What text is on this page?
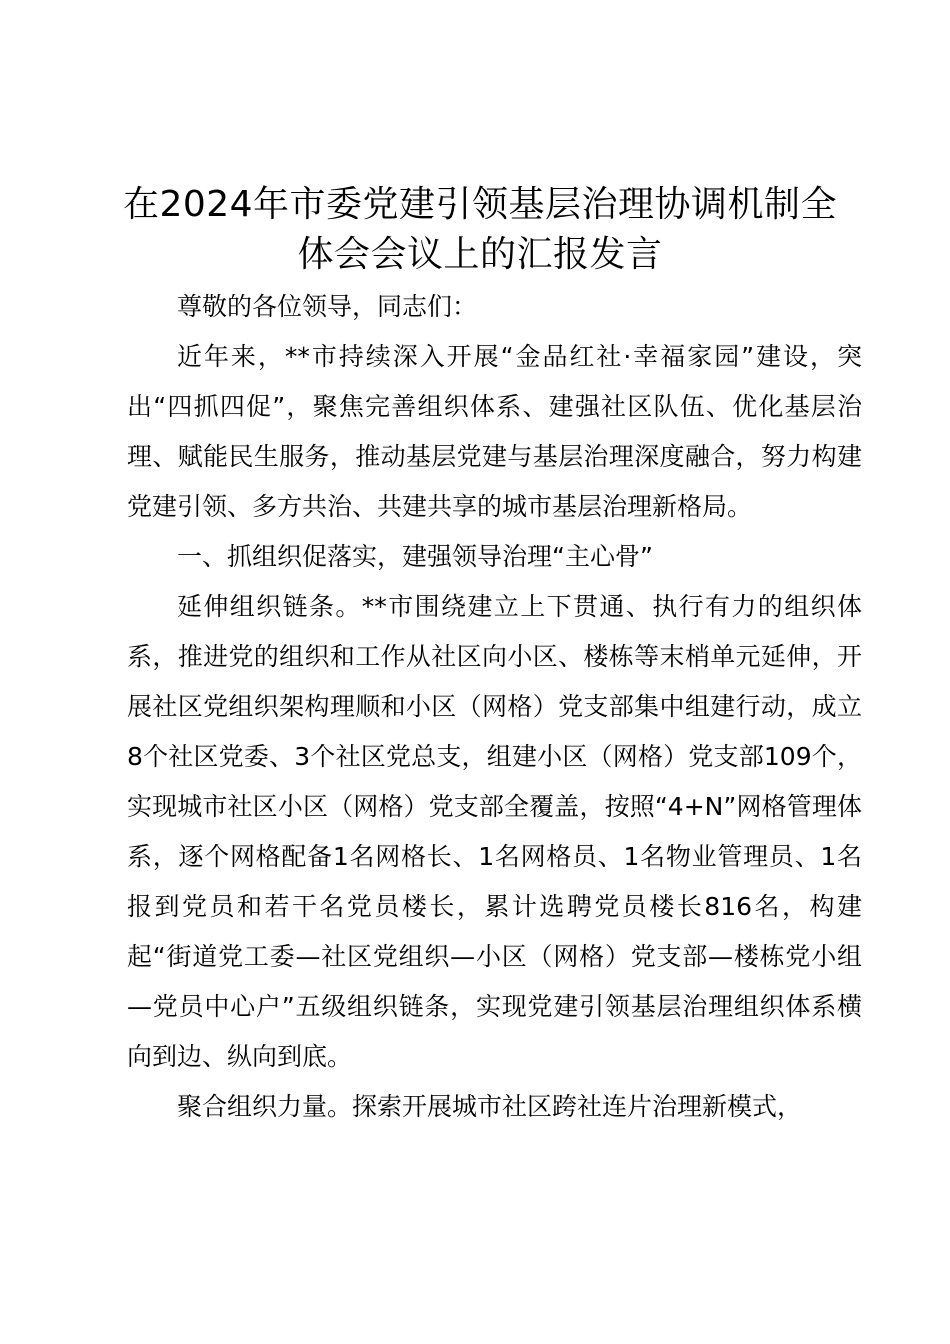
在2024年市委党建引领基层治理协调机制全体会会议上的汇报发言

尊敬的各位领导，同志们：

近年来，**市持续深入开展“金品红社·幸福家园”建设，突出“四抓四促”，聚焦完善组织体系、建强社区队伍、优化基层治理、赋能民生服务，推动基层党建与基层治理深度融合，努力构建党建引领、多方共治、共建共享的城市基层治理新格局。

一、抓组织促落实，建强领导治理“主心骨”

延伸组织链条。**市围绕建立上下贯通、执行有力的组织体系，推进党的组织和工作从社区向小区、楼栋等末梢单元延伸，开展社区党组织架构理顺和小区（网格）党支部集中组建行动，成立8个社区党委、3个社区党总支，组建小区（网格）党支部109个，实现城市社区小区（网格）党支部全覆盖，按照“4+N”网格管理体系，逐个网格配备1名网格长、1名网格员、1名物业管理员、1名报到党员和若干名党员楼长，累计选聘党员楼长816名，构建起“街道党工委—社区党组织—小区（网格）党支部—楼栋党小组—党员中心户”五级组织链条，实现党建引领基层治理组织体系横向到边、纵向到底。

聚合组织力量。探索开展城市社区跨社连片治理新模式，
